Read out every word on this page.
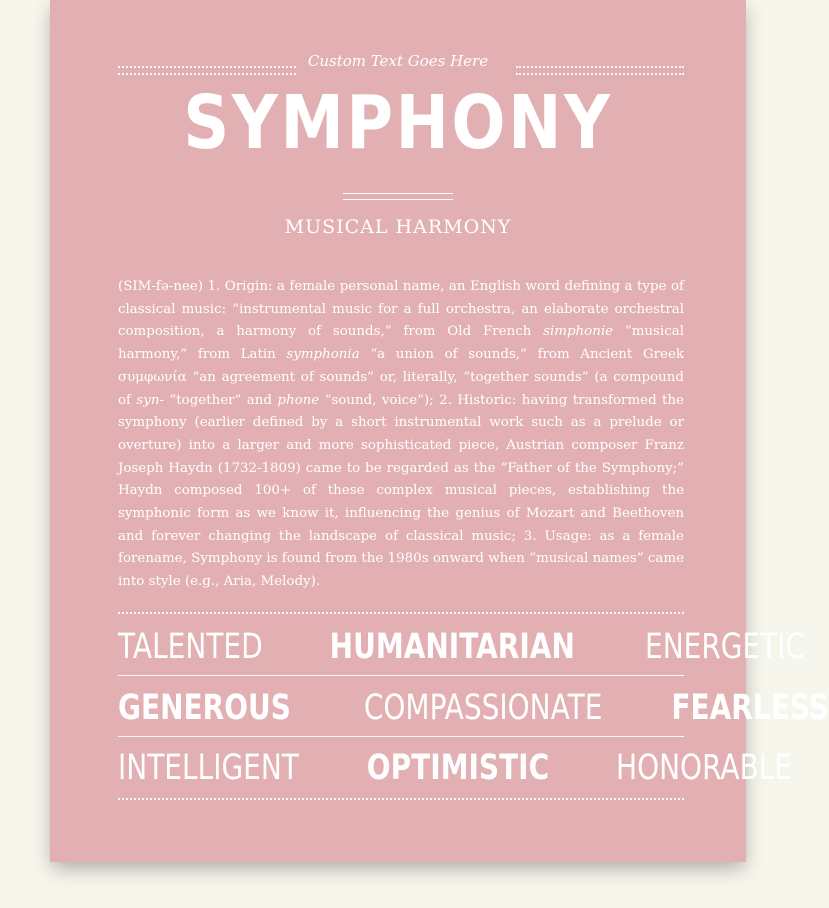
Custom Text Goes Here
SYMPHONY
MUSICAL HARMONY
(SIM-fə-nee) 1. Origin: a female personal name, an English word defining a type of classical music: “instrumental music for a full orchestra, an elaborate orchestral composition, a harmony of sounds,” from Old French simphonie “musical harmony,” from Latin symphonia “a union of sounds,” from Ancient Greek συμφωνία “an agreement of sounds” or, literally, “together sounds” (a compound of syn- “together” and phone “sound, voice”); 2. Historic: having transformed the symphony (earlier defined by a short instrumental work such as a prelude or overture) into a larger and more sophisticated piece, Austrian composer Franz Joseph Haydn (1732-1809) came to be regarded as the “Father of the Symphony;” Haydn composed 100+ of these complex musical pieces, establishing the symphonic form as we know it, influencing the genius of Mozart and Beethoven and forever changing the landscape of classical music; 3. Usage: as a female forename, Symphony is found from the 1980s onward when “musical names” came into style (e.g., Aria, Melody).
TALENTED HUMANITARIAN ENERGETIC
GENEROUS COMPASSIONATE FEARLESS
INTELLIGENT OPTIMISTIC HONORABLE
